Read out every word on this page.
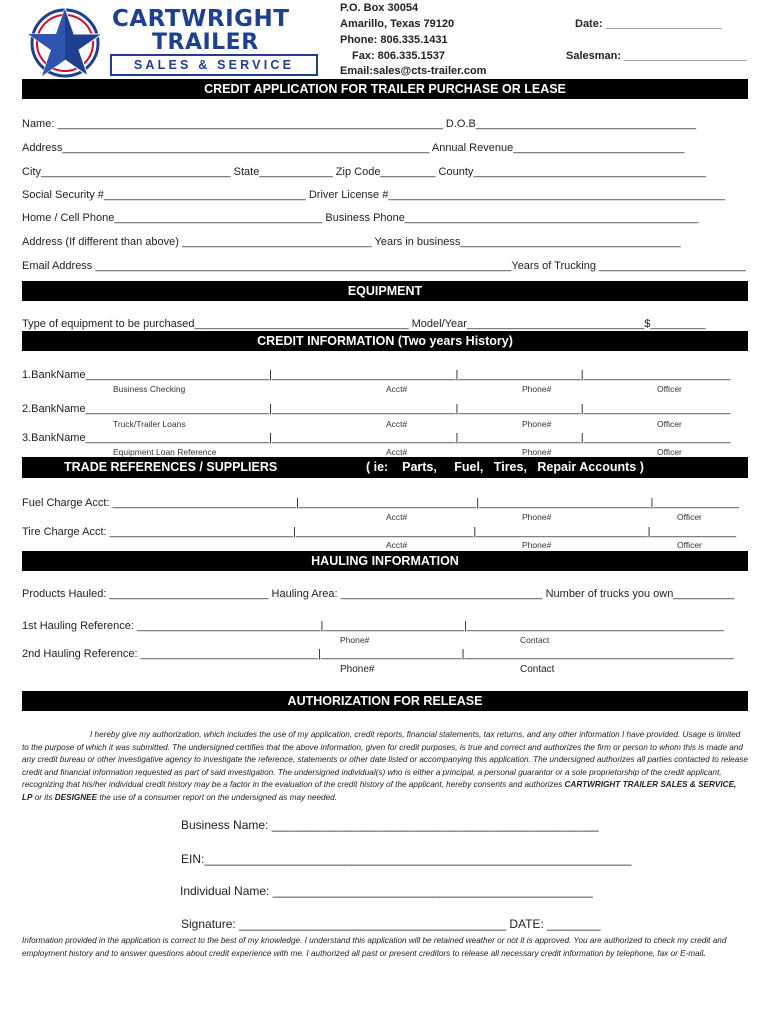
CARTWRIGHT
TRAILER
SALES & SERVICE
P.O. Box 30054
Amarillo, Texas 79120
Phone: 806.335.1431
Fax: 806.335.1537
Email:sales@cts-trailer.com
Date: ___________________
Salesman: ____________________
CREDIT APPLICATION FOR TRAILER PURCHASE OR LEASE
Name: _______________________________________________________________ D.O.B____________________________________
Address____________________________________________________________ Annual Revenue____________________________
City_______________________________ State____________ Zip Code_________ County______________________________________
Social Security #_________________________________ Driver License #_______________________________________________________
Home / Cell Phone__________________________________ Business Phone________________________________________________
Address (If different than above) _______________________________ Years in business____________________________________
Email Address ____________________________________________________________________Years of Trucking ________________________
EQUIPMENT
Type of equipment to be purchased___________________________________ Model/Year_____________________________$_________
CREDIT INFORMATION (Two years History)
1.BankName______________________________|______________________________|____________________|________________________
Business Checking	Acct#	Phone#	Officer
2.BankName______________________________|______________________________|____________________|________________________
Truck/Trailer Loans	Acct#	Phone#	Officer
3.BankName______________________________|______________________________|____________________|________________________
Equipment Loan Reference	Acct#	Phone#	Officer
TRADE REFERENCES / SUPPLIERS	( ie:    Parts,     Fuel,   Tires,   Repair Accounts )
Fuel Charge Acct: ______________________________|_____________________________|____________________________|______________
Acct#	Phone#	Officer
Tire Charge Acct: ______________________________|_____________________________|____________________________|______________
Acct#	Phone#	Officer
HAULING INFORMATION
Products Hauled: __________________________ Hauling Area: _________________________________ Number of trucks you own__________
1st Hauling Reference: ______________________________|_______________________|__________________________________________
Phone#	Contact
2nd Hauling Reference: _____________________________|_______________________|____________________________________________
Phone#	Contact
AUTHORIZATION FOR RELEASE
I hereby give my authorization, which includes the use of my application, credit reports, financial statements, tax returns, and any other information I have provided. Usage is limited to the purpose of which it was submitted. The undersigned certifies that the above information, given for credit purposes, is true and correct and authorizes the firm or person to whom this is made and any credit bureau or other investigative agency to investigate the reference, statements or other date listed or accompanying this application. The undersigned authorizes all parties contacted to release credit and financial information requested as part of said investigation. The undersigned individual(s) who is either a principal, a personal guarantor or a sole proprietorship of the credit applicant, recognizing that his/her individual credit history may be a factor in the evaluation of the credit history of the applicant, hereby consents and authorizes CARTWRIGHT TRAILER SALES & SERVICE, LP or its DESIGNEE the use of a consumer report on the undersigned as may needed.
Business Name: _________________________________________________
EIN:________________________________________________________________
Individual Name: ________________________________________________
Signature: ________________________________________ DATE: ________
Information provided in the application is correct to the best of my knowledge. I understand this application will be retained weather or not it is approved. You are authorized to check my credit and employment history and to answer questions about credit experience with me. I authorized all past or present creditors to release all necessary credit information by telephone, fax or E-mail.
